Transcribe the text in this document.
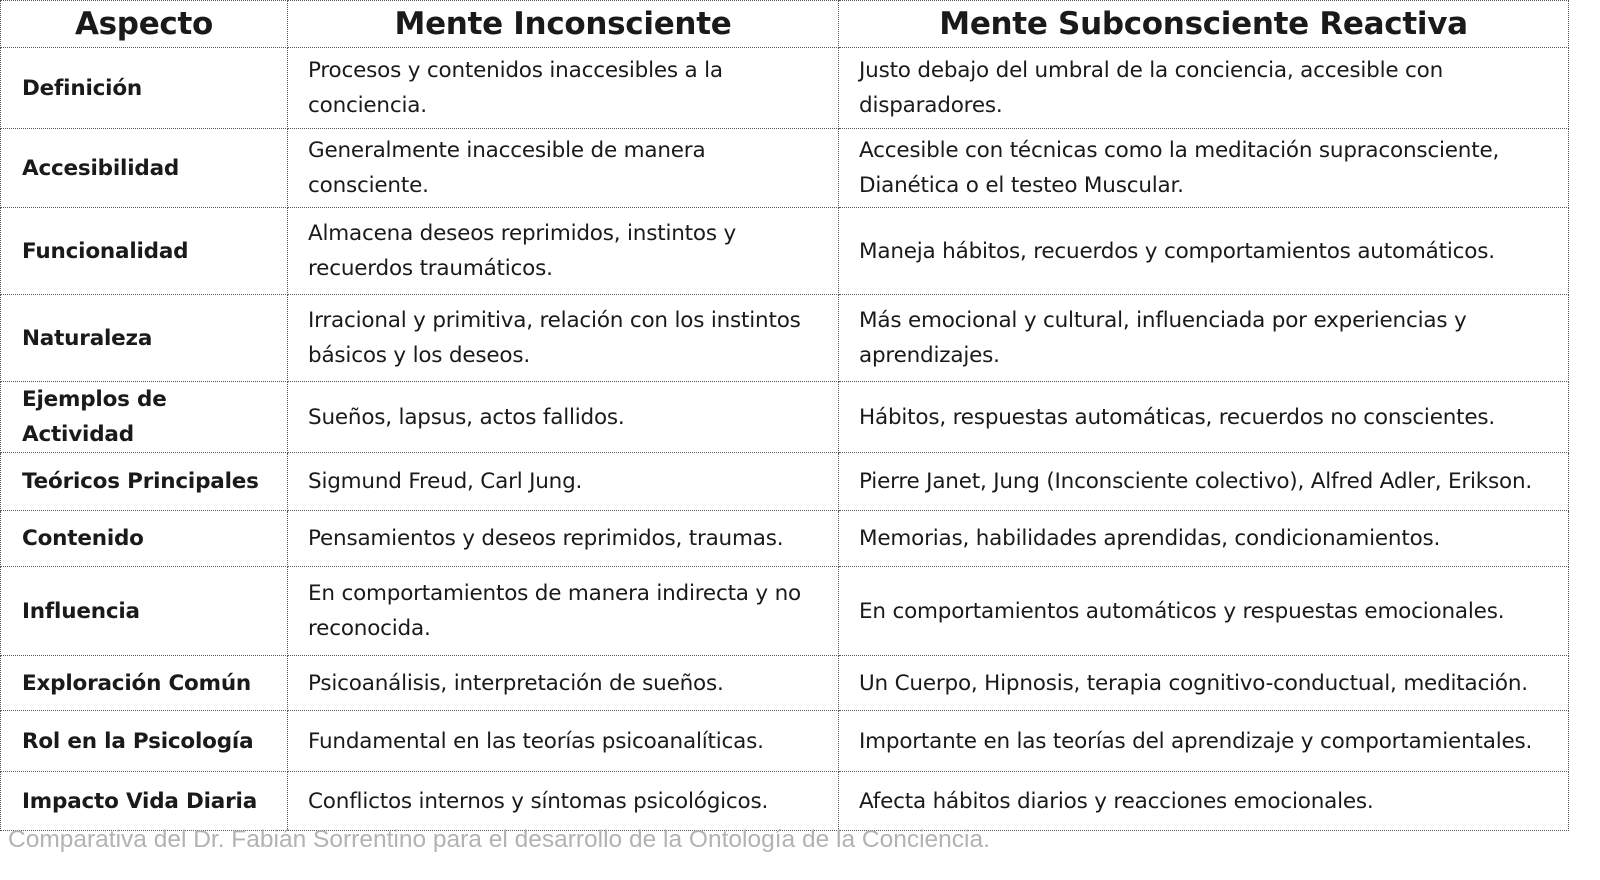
Aspecto	Mente Inconsciente	Mente Subconsciente Reactiva
Definición	Procesos y contenidos inaccesibles a la conciencia.	Justo debajo del umbral de la conciencia, accesible con disparadores.
Accesibilidad	Generalmente inaccesible de manera consciente.	Accesible con técnicas como la meditación supraconsciente, Dianética o el testeo Muscular.
Funcionalidad	Almacena deseos reprimidos, instintos y recuerdos traumáticos.	Maneja hábitos, recuerdos y comportamientos automáticos.
Naturaleza	Irracional y primitiva, relación con los instintos básicos y los deseos.	Más emocional y cultural, influenciada por experiencias y aprendizajes.
Ejemplos de Actividad	Sueños, lapsus, actos fallidos.	Hábitos, respuestas automáticas, recuerdos no conscientes.
Teóricos Principales	Sigmund Freud, Carl Jung.	Pierre Janet, Jung (Inconsciente colectivo), Alfred Adler, Erikson.
Contenido	Pensamientos y deseos reprimidos, traumas.	Memorias, habilidades aprendidas, condicionamientos.
Influencia	En comportamientos de manera indirecta y no reconocida.	En comportamientos automáticos y respuestas emocionales.
Exploración Común	Psicoanálisis, interpretación de sueños.	Un Cuerpo, Hipnosis, terapia cognitivo-conductual, meditación.
Rol en la Psicología	Fundamental en las teorías psicoanalíticas.	Importante en las teorías del aprendizaje y comportamientales.
Impacto Vida Diaria	Conflictos internos y síntomas psicológicos.	Afecta hábitos diarios y reacciones emocionales.
Comparativa del Dr. Fabián Sorrentino para el desarrollo de la Ontología de la Conciencia.
